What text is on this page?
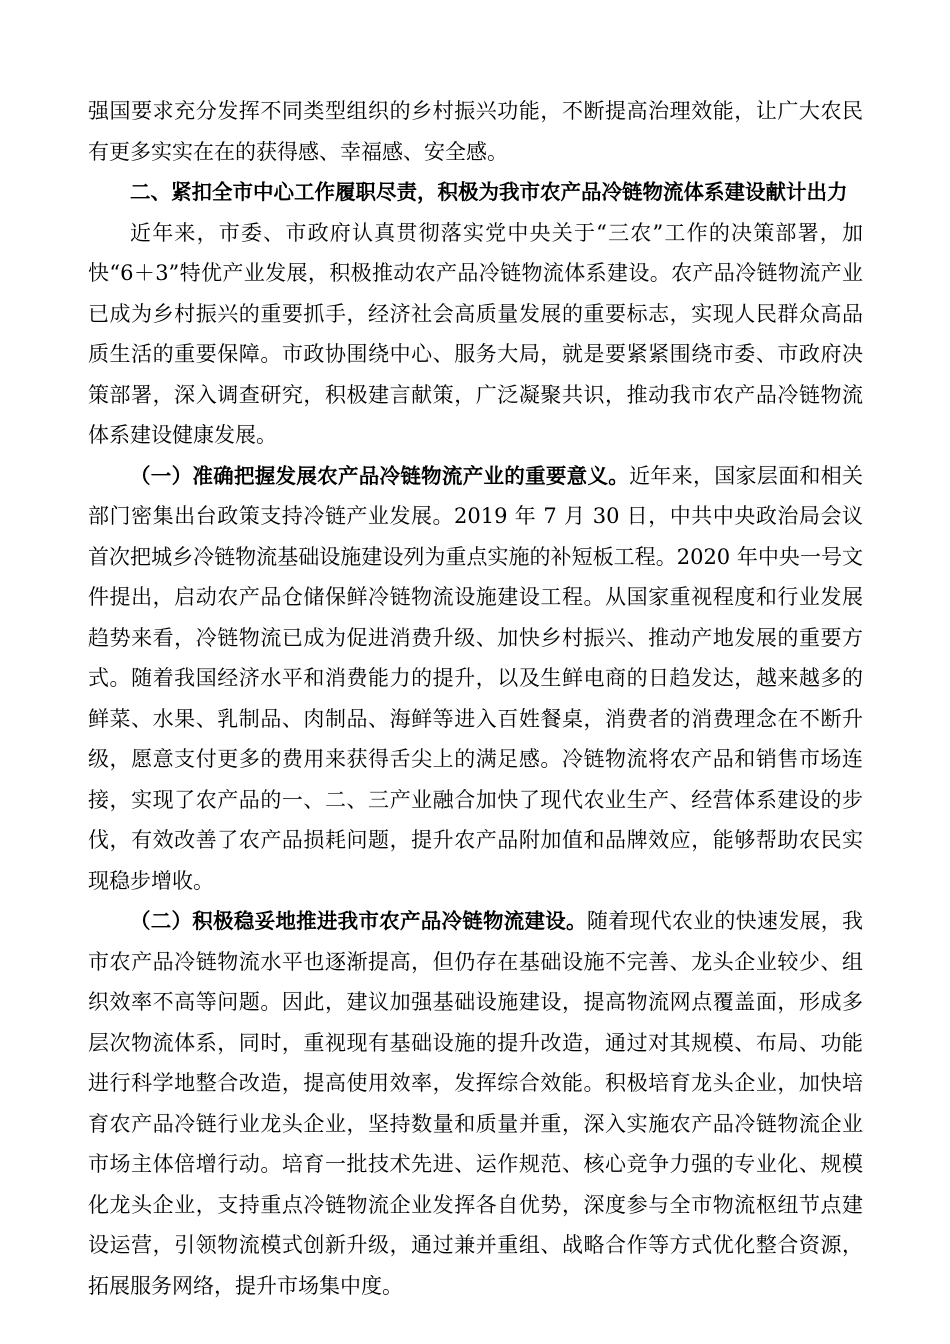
强国要求充分发挥不同类型组织的乡村振兴功能，不断提高治理效能，让广大农民有更多实实在在的获得感、幸福感、安全感。

二、紧扣全市中心工作履职尽责，积极为我市农产品冷链物流体系建设献计出力

近年来，市委、市政府认真贯彻落实党中央关于“三农”工作的决策部署，加快“6＋3”特优产业发展，积极推动农产品冷链物流体系建设。农产品冷链物流产业已成为乡村振兴的重要抓手，经济社会高质量发展的重要标志，实现人民群众高品质生活的重要保障。市政协围绕中心、服务大局，就是要紧紧围绕市委、市政府决策部署，深入调查研究，积极建言献策，广泛凝聚共识，推动我市农产品冷链物流体系建设健康发展。

（一）准确把握发展农产品冷链物流产业的重要意义。近年来，国家层面和相关部门密集出台政策支持冷链产业发展。2019 年 7 月 30 日，中共中央政治局会议首次把城乡冷链物流基础设施建设列为重点实施的补短板工程。2020 年中央一号文件提出，启动农产品仓储保鲜冷链物流设施建设工程。从国家重视程度和行业发展趋势来看，冷链物流已成为促进消费升级、加快乡村振兴、推动产地发展的重要方式。随着我国经济水平和消费能力的提升，以及生鲜电商的日趋发达，越来越多的鲜菜、水果、乳制品、肉制品、海鲜等进入百姓餐桌，消费者的消费理念在不断升级，愿意支付更多的费用来获得舌尖上的满足感。冷链物流将农产品和销售市场连接，实现了农产品的一、二、三产业融合加快了现代农业生产、经营体系建设的步伐，有效改善了农产品损耗问题，提升农产品附加值和品牌效应，能够帮助农民实现稳步增收。

（二）积极稳妥地推进我市农产品冷链物流建设。随着现代农业的快速发展，我市农产品冷链物流水平也逐渐提高，但仍存在基础设施不完善、龙头企业较少、组织效率不高等问题。因此，建议加强基础设施建设，提高物流网点覆盖面，形成多层次物流体系，同时，重视现有基础设施的提升改造，通过对其规模、布局、功能进行科学地整合改造，提高使用效率，发挥综合效能。积极培育龙头企业，加快培育农产品冷链行业龙头企业，坚持数量和质量并重，深入实施农产品冷链物流企业市场主体倍增行动。培育一批技术先进、运作规范、核心竞争力强的专业化、规模化龙头企业，支持重点冷链物流企业发挥各自优势，深度参与全市物流枢纽节点建设运营，引领物流模式创新升级，通过兼并重组、战略合作等方式优化整合资源，拓展服务网络，提升市场集中度。
